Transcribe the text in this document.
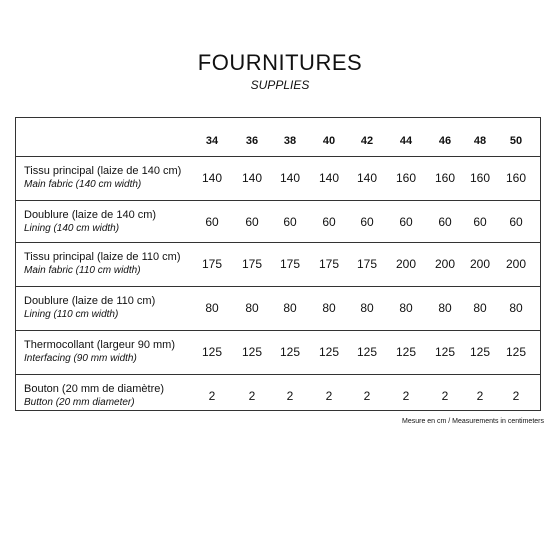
FOURNITURES
SUPPLIES
34	36	38	40	42	44	46	48	50
Tissu principal (laize de 140 cm)
Main fabric (140 cm width)	140	140	140	140	140	160	160	160	160
Doublure (laize de 140 cm)
Lining (140 cm width)	60	60	60	60	60	60	60	60	60
Tissu principal (laize de 110 cm)
Main fabric (110 cm width)	175	175	175	175	175	200	200	200	200
Doublure (laize de 110 cm)
Lining (110 cm width)	80	80	80	80	80	80	80	80	80
Thermocollant (largeur 90 mm)
Interfacing (90 mm width)	125	125	125	125	125	125	125	125	125
Bouton (20 mm de diamètre)
Button (20 mm diameter)	2	2	2	2	2	2	2	2	2
Mesure en cm / Measurements in centimeters
